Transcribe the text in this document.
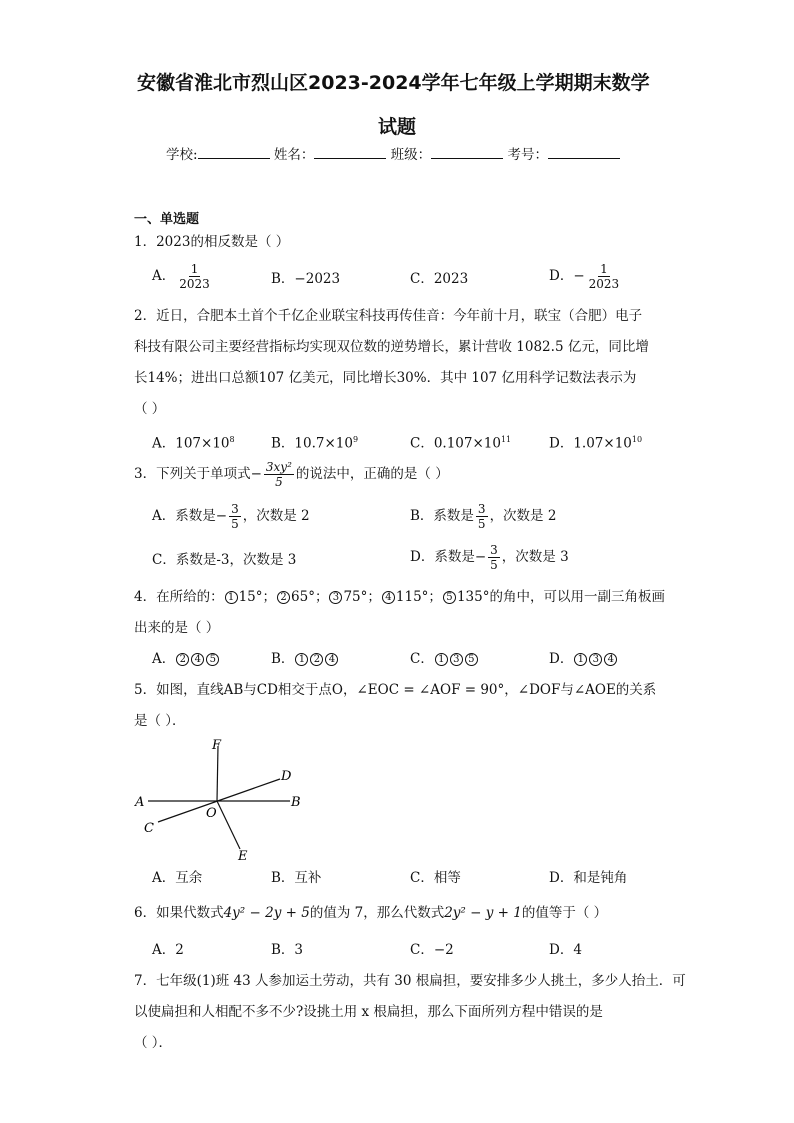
安徽省淮北市烈山区2023-2024学年七年级上学期期末数学
试题
学校:	姓名：	班级：	考号：
一、单选题
1．2023的相反数是（ ）
A． $\frac{1}{2023}$	B．−2023	C．2023	D．− $\frac{1}{2023}$
2．近日，合肥本土首个千亿企业联宝科技再传佳音：今年前十月，联宝（合肥）电子
科技有限公司主要经营指标均实现双位数的逆势增长，累计营收 1082.5 亿元，同比增
长14%；进出口总额107 亿美元，同比增长30%．其中 107 亿用科学记数法表示为
（ ）
A．$107\times 10^8$	B．$10.7\times 10^9$	C．$0.107\times 10^{11}$	D．$1.07\times 10^{10}$
3．下列关于单项式− $\frac{\text{3xy²}}{5}$ 的说法中，正确的是（ ）
A．系数是− $\frac{3}{5}$ ，次数是 2	B．系数是 $\frac{3}{5}$ ，次数是 2
C．系数是-3，次数是 3	D．系数是− $\frac{3}{5}$ ，次数是 3
4．在所给的： 1 15°； 2 65°； 3 75°； 4 115°； 5 135°的角中，可以用一副三角板画
出来的是（ ）
A． 2 4 5	B． 1 2 4	C． 1 3 5	D． 1 3 4
5．如图，直线AB与CD相交于点O，∠EOC = ∠AOF = 90°，∠DOF与∠AOE的关系
是（ ）．
F
D
A
O
B
C
E
A．互余	B．互补	C．相等	D．和是钝角
6．如果代数式4y² − 2y + 5的值为 7，那么代数式2y² − y + 1的值等于（ ）
A．2	B．3	C．−2	D．4
7．七年级(1)班 43 人参加运土劳动，共有 30 根扁担，要安排多少人挑土，多少人抬土．可
以使扁担和人相配不多不少?设挑土用 x 根扁担，那么下面所列方程中错误的是
（ ）．
